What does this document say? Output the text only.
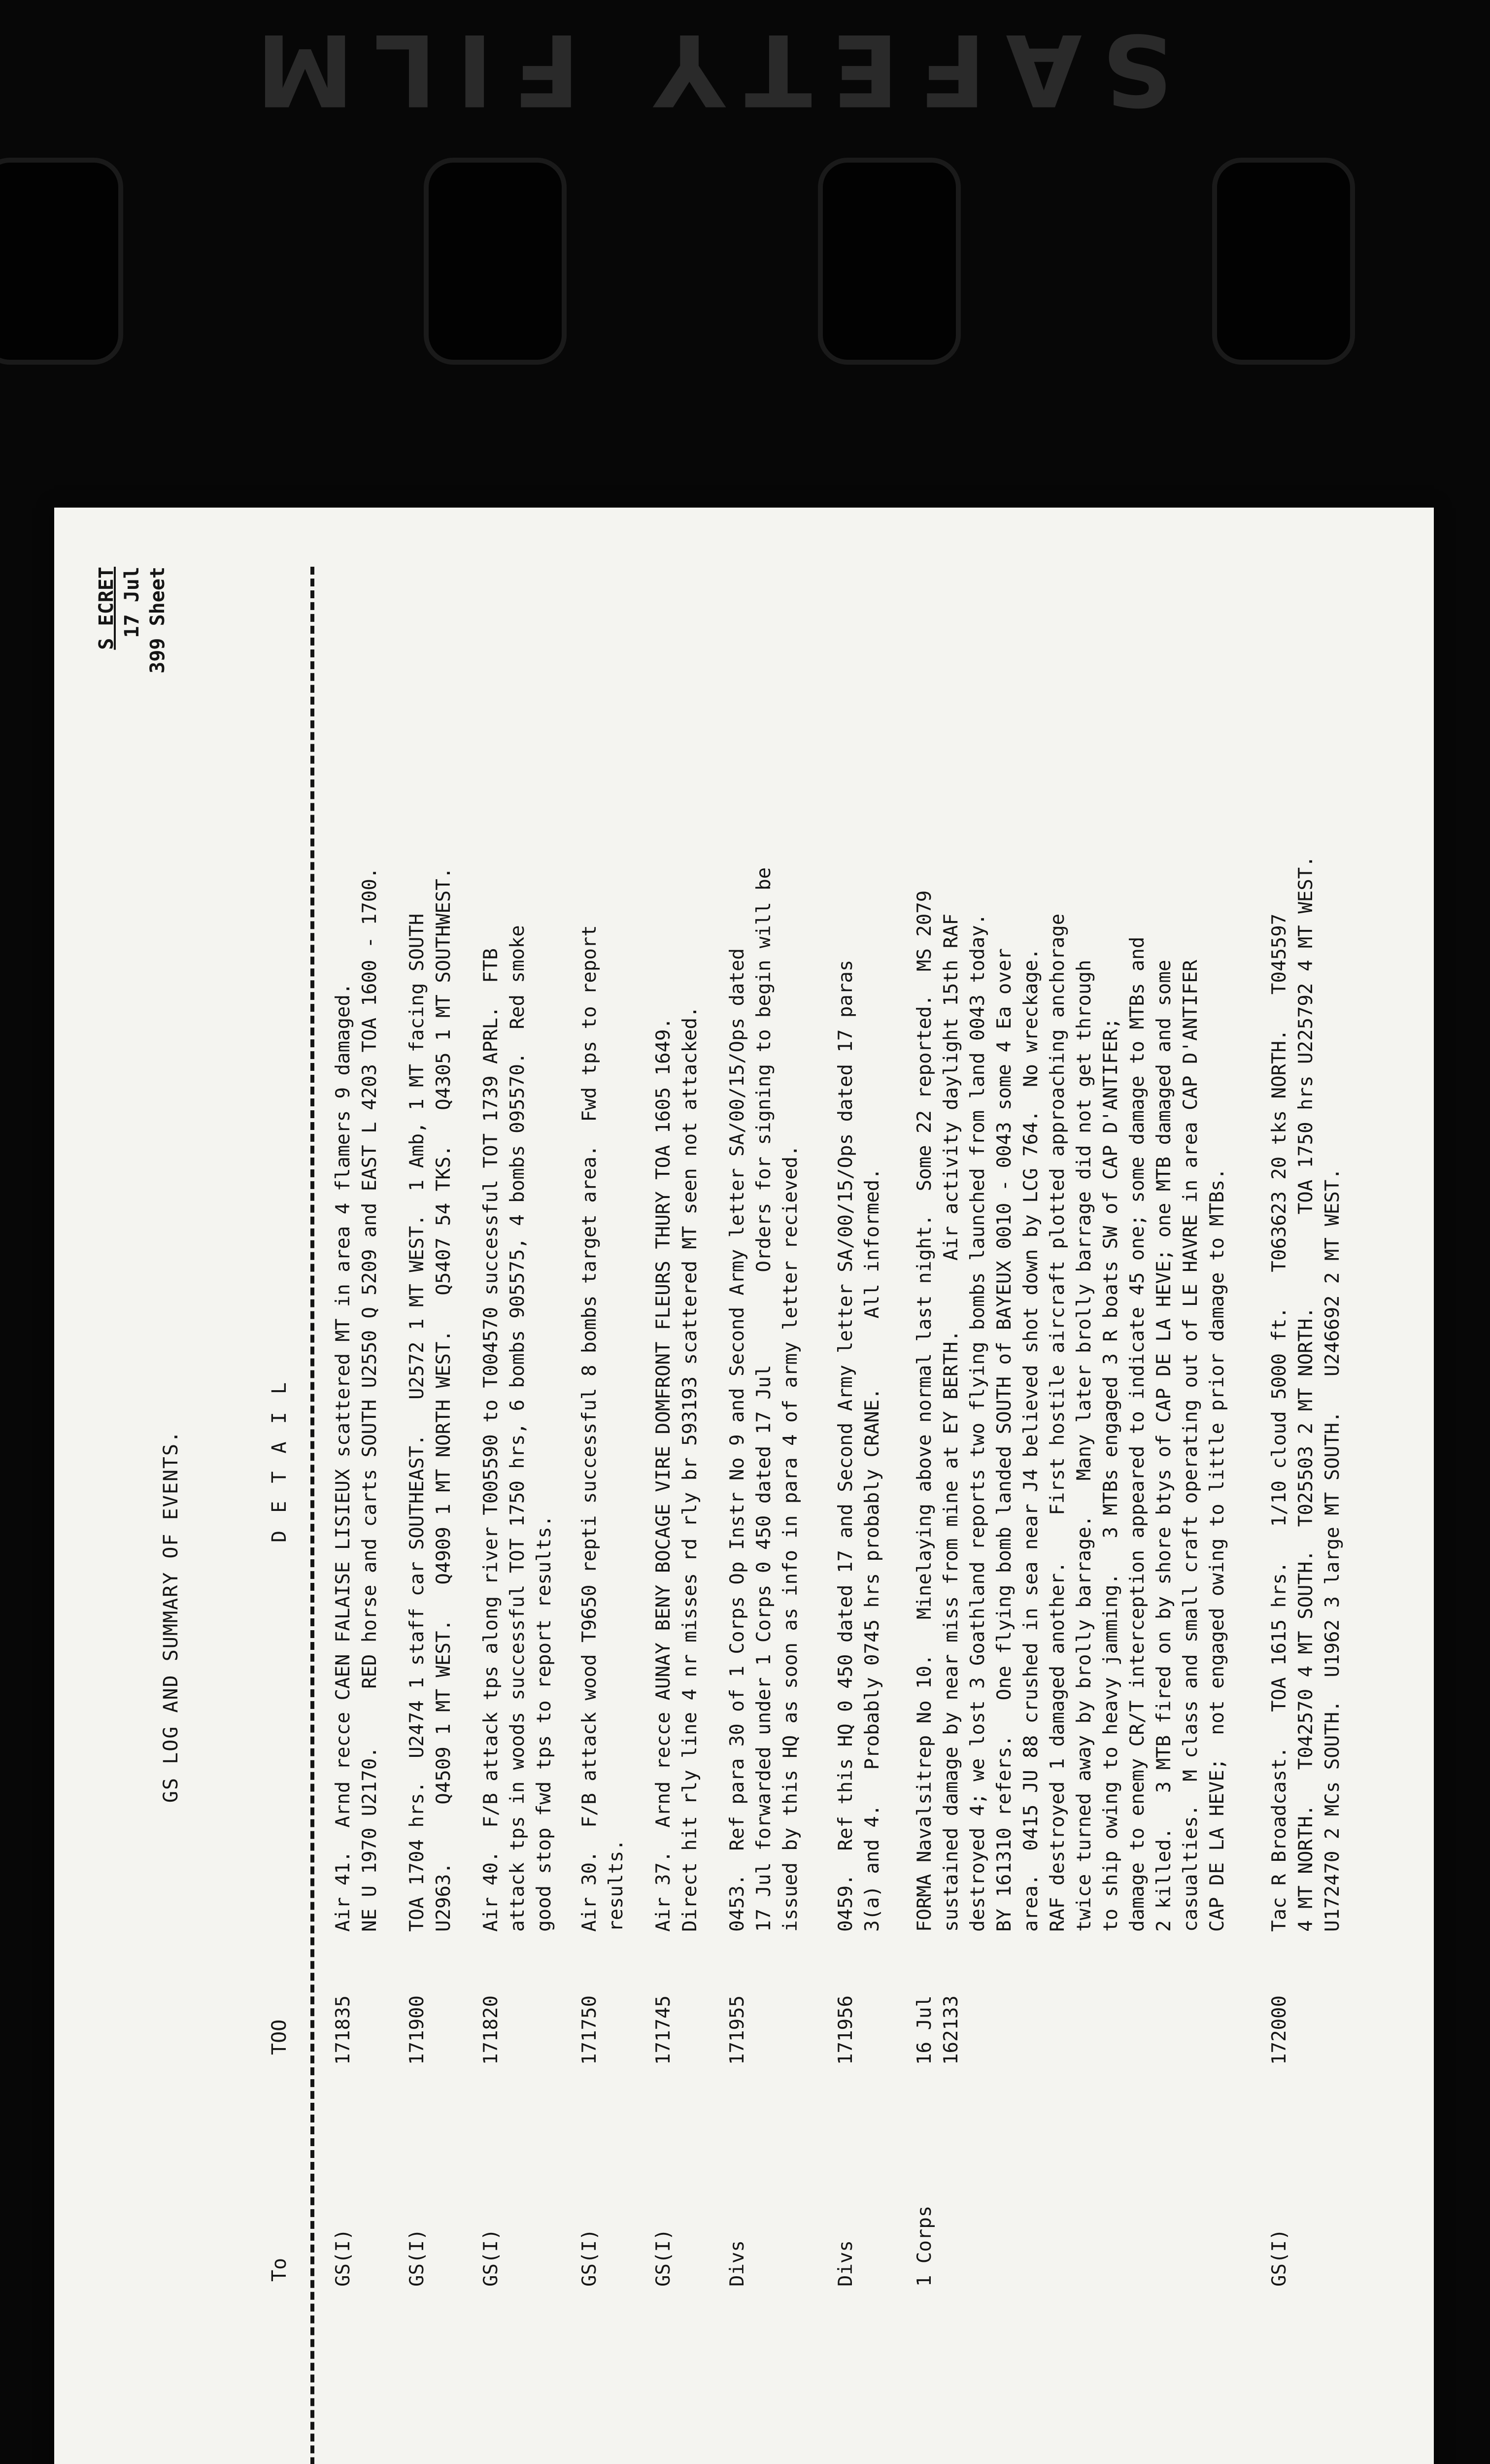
SAFETY FILM
S ECRET 17 Jul 399 Sheet
GS LOG AND SUMMARY OF EVENTS.
To
TOO
D E T A I L
GS(I)
171835
Air 41.  Arnd recce CAEN FALAISE LISIEUX scattered MT in area 4 flamers 9 damaged.
NE U 1970 U2170.     RED horse and carts SOUTH U2550 Q 5209 and EAST L 4203 TOA 1600 - 1700.
GS(I)
171900
TOA 1704 hrs.  U2474 1 staff car SOUTHEAST.   U2572 1 MT WEST.  1 Amb, 1 MT facing SOUTH
U2963.     Q4509 1 MT WEST.   Q4909 1 MT NORTH WEST.   Q5407 54 TKS.   Q4305 1 MT SOUTHWEST.
GS(I)
171820
Air 40.  F/B attack tps along river T005590 to T004570 successful TOT 1739 APRL.  FTB
attack tps in woods successful TOT 1750 hrs, 6 bombs 905575, 4 bombs 095570.  Red smoke
good stop fwd tps to report results.
GS(I)
171750
Air 30.  F/B attack wood T9650 repti successful 8 bombs target area.  Fwd tps to report
results.
GS(I)
171745
Air 37.  Arnd recce AUNAY BENY BOCAGE VIRE DOMFRONT FLEURS THURY TOA 1605 1649.
Direct hit rly line 4 nr misses rd rly br 593193 scattered MT seen not attacked.
Divs
171955
0453.  Ref para 30 of 1 Corps Op Instr No 9 and Second Army letter SA/00/15/Ops dated
17 Jul forwarded under 1 Corps 0 450 dated 17 Jul        Orders for signing to begin will be
issued by this HQ as soon as info in para 4 of army letter recieved.
Divs
171956
0459.  Ref this HQ 0 450 dated 17 and Second Army letter SA/00/15/Ops dated 17 paras
3(a) and 4.   Probably 0745 hrs probably CRANE.      All informed.
1 Corps
16 Jul
162133
FORMA Navalsitrep No 10.   Minelaying above normal last night.  Some 22 reported.  MS 2079
sustained damage by near miss from mine at EY BERTH.      Air activity daylight 15th RAF
destroyed 4; we lost 3 Goathland reports two flying bombs launched from land 0043 today.
BY 161310 refers.   One flying bomb landed SOUTH of BAYEUX 0010 - 0043 some 4 Ea over
area.  0415 JU 88 crushed in sea near J4 believed shot down by LCG 764.  No wreckage.
RAF destroyed 1 damaged another.    First hostile aircraft plotted approaching anchorage
twice turned away by brolly barrage.   Many later brolly barrage did not get through
to ship owing to heavy jamming.   3 MTBs engaged 3 R boats SW of CAP D'ANTIFER;
damage to enemy CR/T interception appeared to indicate 45 one; some damage to MTBs and
2 killed.   3 MTB fired on by shore btys of CAP DE LA HEVE; one MTB damaged and some
casualties.  M class and small craft operating out of LE HAVRE in area CAP D'ANTIFER
CAP DE LA HEVE;  not engaged owing to little prior damage to MTBs.
GS(I)
172000
Tac R Broadcast.   TOA 1615 hrs.   1/10 cloud 5000 ft.   T063623 20 tks NORTH.   T045597
4 MT NORTH.   T042570 4 MT SOUTH.  T025503 2 MT NORTH.        TOA 1750 hrs U225792 4 MT WEST.
U172470 2 MCs SOUTH.  U1962 3 large MT SOUTH.   U246692 2 MT WEST.
